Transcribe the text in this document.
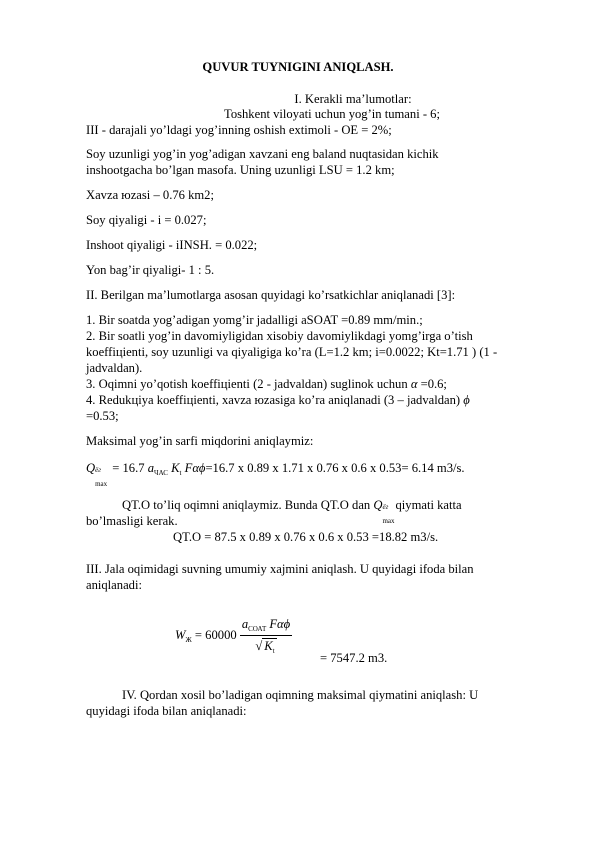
QUVUR TUYNIGINI ANIQLASH.
I. Kerakli ma’lumotlar:
Toshkent viloyati uchun yog’in tumani - 6;
III - darajali yo’ldagi yog’inning oshish extimoli - OE = 2%;
Soy uzunligi yog’in yog’adigan xavzani eng baland nuqtasidan kichik
inshootgacha bo’lgan masofa. Uning uzunligi LSU = 1.2 km;
Xavza юzasi – 0.76 km2;
Soy qiyaligi - i = 0.027;
Inshoot qiyaligi - iINSH. = 0.022;
Yon bag’ir qiyaligi- 1 : 5.
II. Berilgan ma’lumotlarga asosan quyidagi ko’rsatkichlar aniqlanadi [3]:
1. Bir soatda yog’adigan yomg’ir jadalligi aSOAT =0.89 mm/min.;
2. Bir soatli yog’in davomiyligidan xisobiy davomiylikdagi yomg’irga o’tish
koeffiцienti, soy uzunligi va qiyaligiga ko’ra (L=1.2 km; i=0.0022; Kt=1.71 ) (1 -
jadvaldan).
3. Oqimni yo’qotish koeffiцienti (2 - jadvaldan) suglinok uchun α =0.6;
4. Redukцiya koeffiцienti, xavza юzasiga ko’ra aniqlanadi (3 – jadvaldan) ϕ
=0.53;
Maksimal yog’in sarfi miqdorini aniqlaymiz:
Q ёг
max
= 16.7 $a_{ЧАС}$ $K_t$ Fαϕ=16.7 x 0.89 x 1.71 x 0.76 x 0.6 x 0.53= 6.14 m3/s.
QT.O to’liq oqimni aniqlaymiz. Bunda QT.O dan Q ёг
max
qiymati katta
bo’lmasligi kerak.
QT.O = 87.5 x 0.89 x 0.76 x 0.6 x 0.53 =18.82 m3/s.
III. Jala oqimidagi suvning umumiy xajmini aniqlash. U quyidagi ifoda bilan
aniqlanadi:
$W_Ж = 60000 \frac{a_{СОАТ} F\alpha\phi}{√ K_t}$
= 7547.2 m3.
IV. Qordan xosil bo’ladigan oqimning maksimal qiymatini aniqlash: U
quyidagi ifoda bilan aniqlanadi:
